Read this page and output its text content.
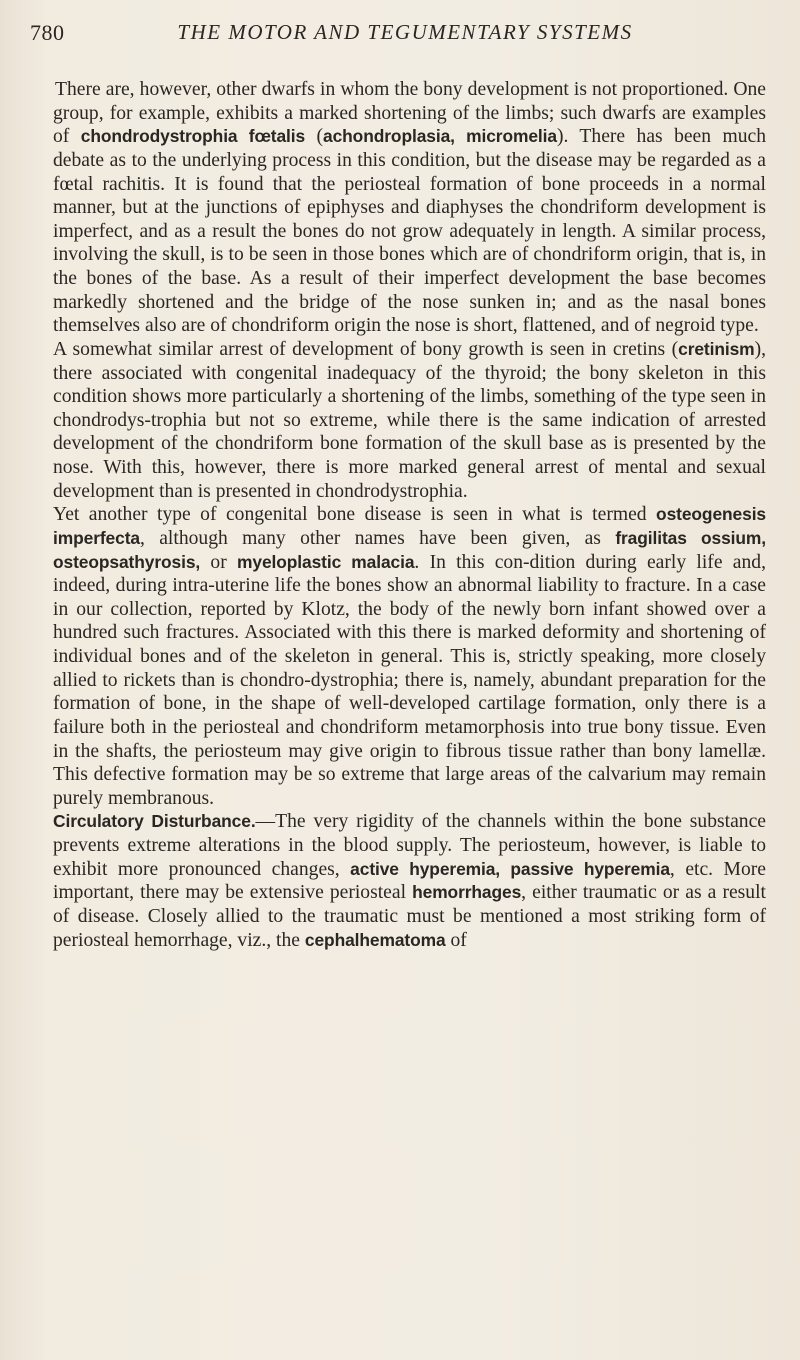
780	THE MOTOR AND TEGUMENTARY SYSTEMS

There are, however, other dwarfs in whom the bony development is not proportioned. One group, for example, exhibits a marked shortening of the limbs; such dwarfs are examples of chondrodystrophia fœtalis (achondroplasia, micromelia). There has been much debate as to the underlying process in this condition, but the disease may be regarded as a fœtal rachitis. It is found that the periosteal formation of bone proceeds in a normal manner, but at the junctions of epiphyses and diaphyses the chondriform development is imperfect, and as a result the bones do not grow adequately in length. A similar process, involving the skull, is to be seen in those bones which are of chondriform origin, that is, in the bones of the base. As a result of their imperfect development the base becomes markedly shortened and the bridge of the nose sunken in; and as the nasal bones themselves also are of chondriform origin the nose is short, flattened, and of negroid type.

A somewhat similar arrest of development of bony growth is seen in cretins (cretinism), there associated with congenital inadequacy of the thyroid; the bony skeleton in this condition shows more particularly a shortening of the limbs, something of the type seen in chondrodys-trophia but not so extreme, while there is the same indication of arrested development of the chondriform bone formation of the skull base as is presented by the nose. With this, however, there is more marked general arrest of mental and sexual development than is presented in chondrodystrophia.

Yet another type of congenital bone disease is seen in what is termed osteogenesis imperfecta, although many other names have been given, as fragilitas ossium, osteopsathyrosis, or myeloplastic malacia. In this con-dition during early life and, indeed, during intra-uterine life the bones show an abnormal liability to fracture. In a case in our collection, reported by Klotz, the body of the newly born infant showed over a hundred such fractures. Associated with this there is marked deformity and shortening of individual bones and of the skeleton in general. This is, strictly speaking, more closely allied to rickets than is chondro-dystrophia; there is, namely, abundant preparation for the formation of bone, in the shape of well-developed cartilage formation, only there is a failure both in the periosteal and chondriform metamorphosis into true bony tissue. Even in the shafts, the periosteum may give origin to fibrous tissue rather than bony lamellæ. This defective formation may be so extreme that large areas of the calvarium may remain purely membranous.

Circulatory Disturbance.—The very rigidity of the channels within the bone substance prevents extreme alterations in the blood supply. The periosteum, however, is liable to exhibit more pronounced changes, active hyperemia, passive hyperemia, etc. More important, there may be extensive periosteal hemorrhages, either traumatic or as a result of disease. Closely allied to the traumatic must be mentioned a most striking form of periosteal hemorrhage, viz., the cephalhematoma of
